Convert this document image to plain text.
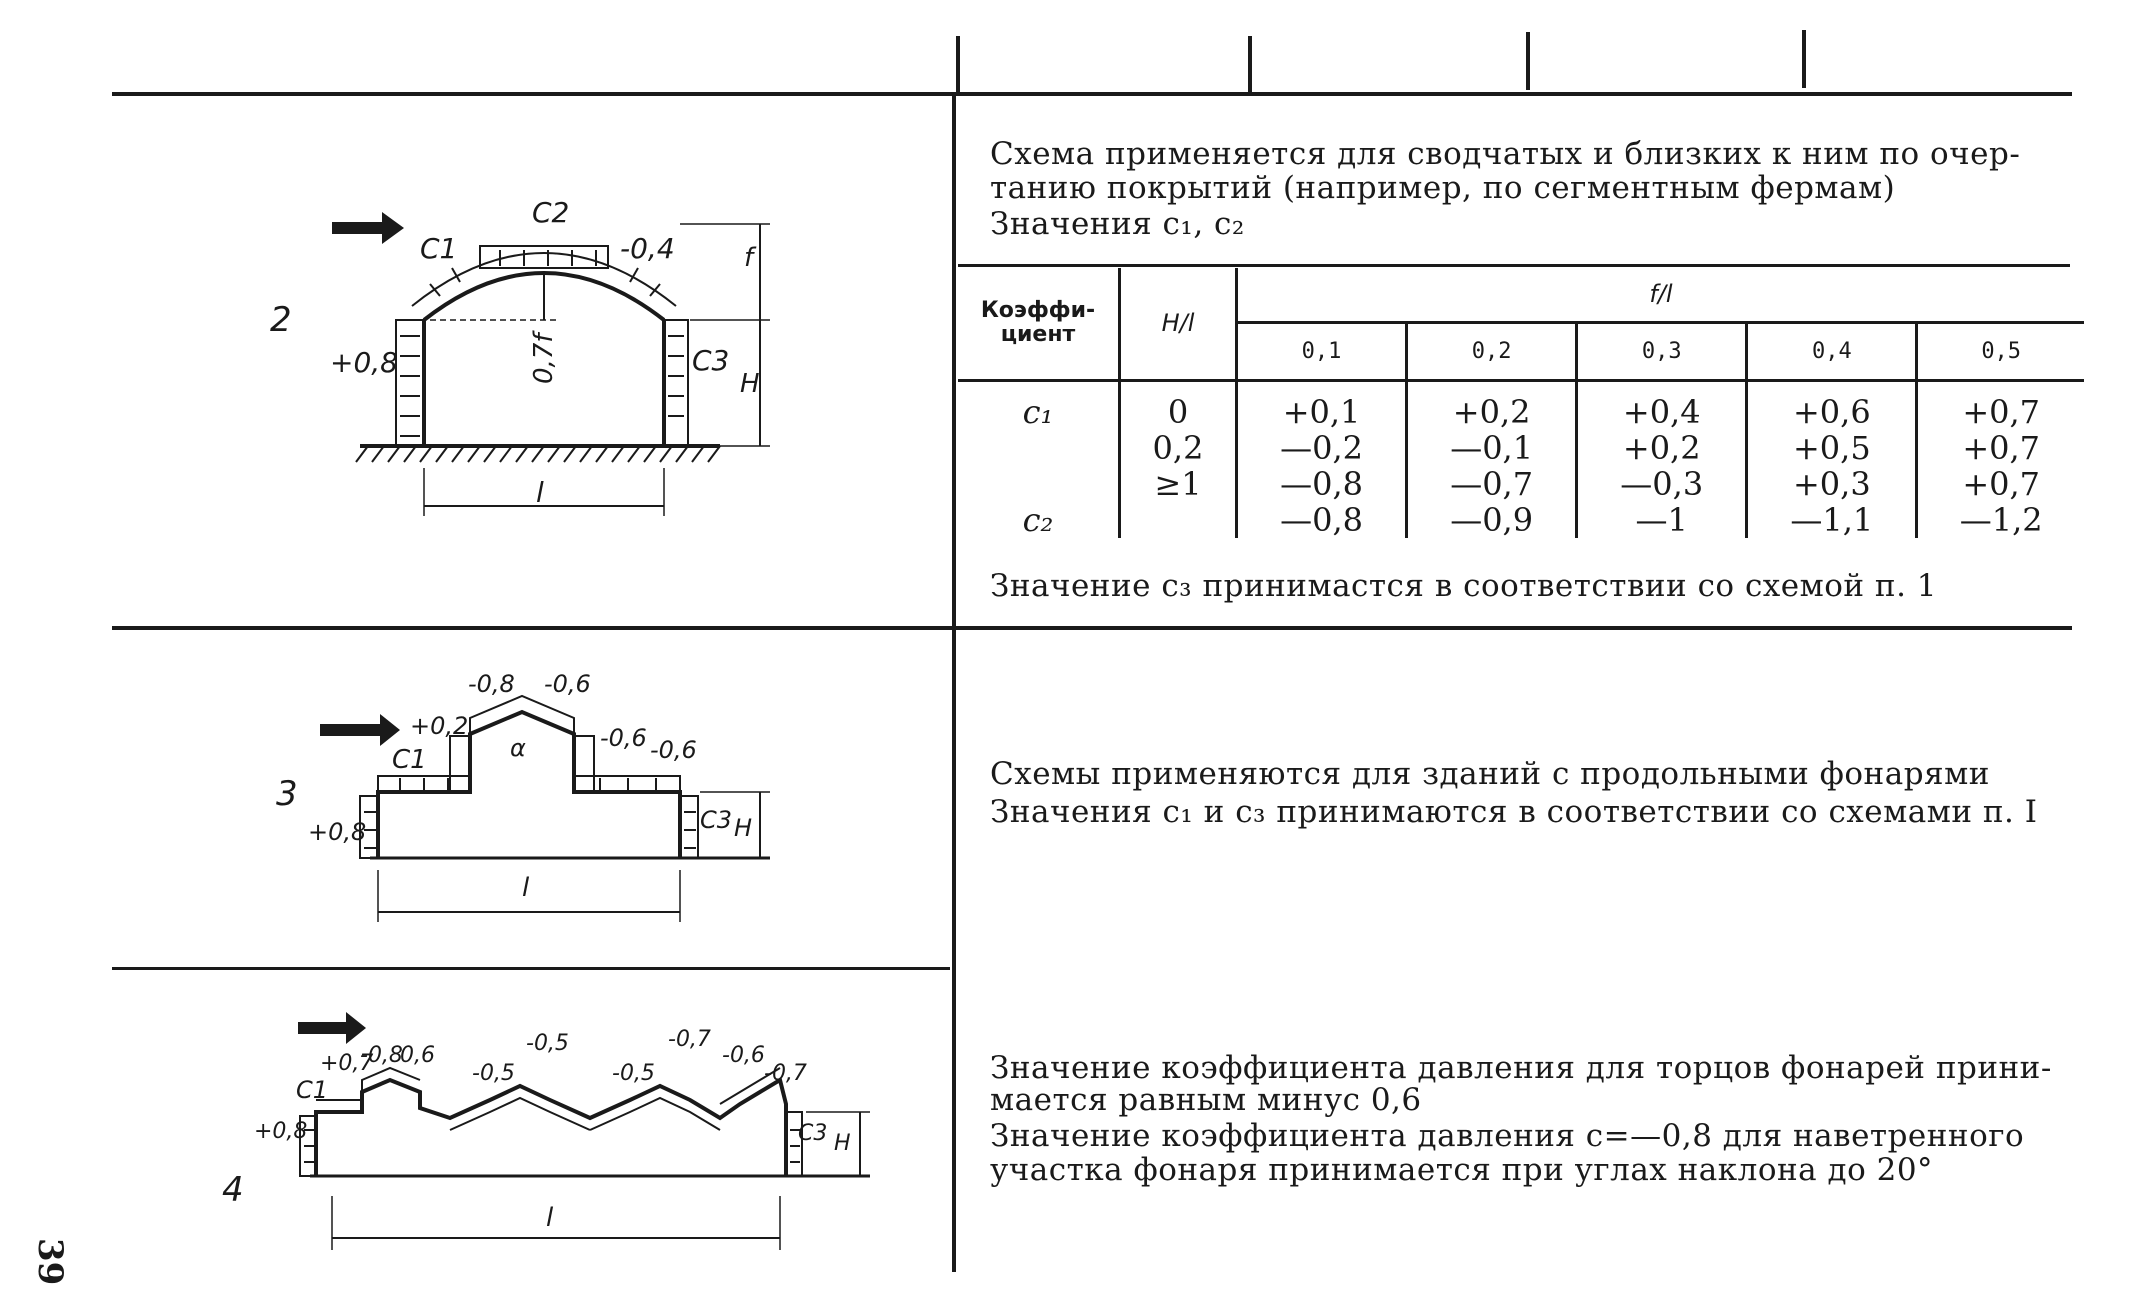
39
2
C1
C2
-0,4
+0,8	C3
0,7f
f
H
l
Схема применяется для сводчатых и близких к ним по очер-
танию покрытий (например, по сегментным фермам)
Значения c₁, c₂
Коэффи-
циент	H/l	f/l				
		0,1	0,2	0,3	0,4	0,5

c₁	0	+0,1	+0,2	+0,4	+0,6	+0,7
	0,2	—0,2	—0,1	+0,2	+0,5	+0,7
	≥1	—0,8	—0,7	—0,3	+0,3	+0,7
c₂		—0,8	—0,9	—1	—1,1	—1,2
Значение c₃ принимастся в соответствии со схемой п. 1
3
C1
+0,2
-0,8 -0,6
-0,6 -0,6
α
+0,8	C3 H
l
Схемы применяются для зданий с продольными фонарями
Значения c₁ и c₃ принимаются в соответствии со схемами п. I
4
C1
+0,7
-0,8
0,6
-0,5
-0,5
-0,5
-0,7
-0,6
-0,7
+0,8	C3 H
l
Значение коэффициента давления для торцов фонарей прини-
мается равным минус 0,6
Значение коэффициента давления c=—0,8 для наветренного
участка фонаря принимается при углах наклона до 20°
